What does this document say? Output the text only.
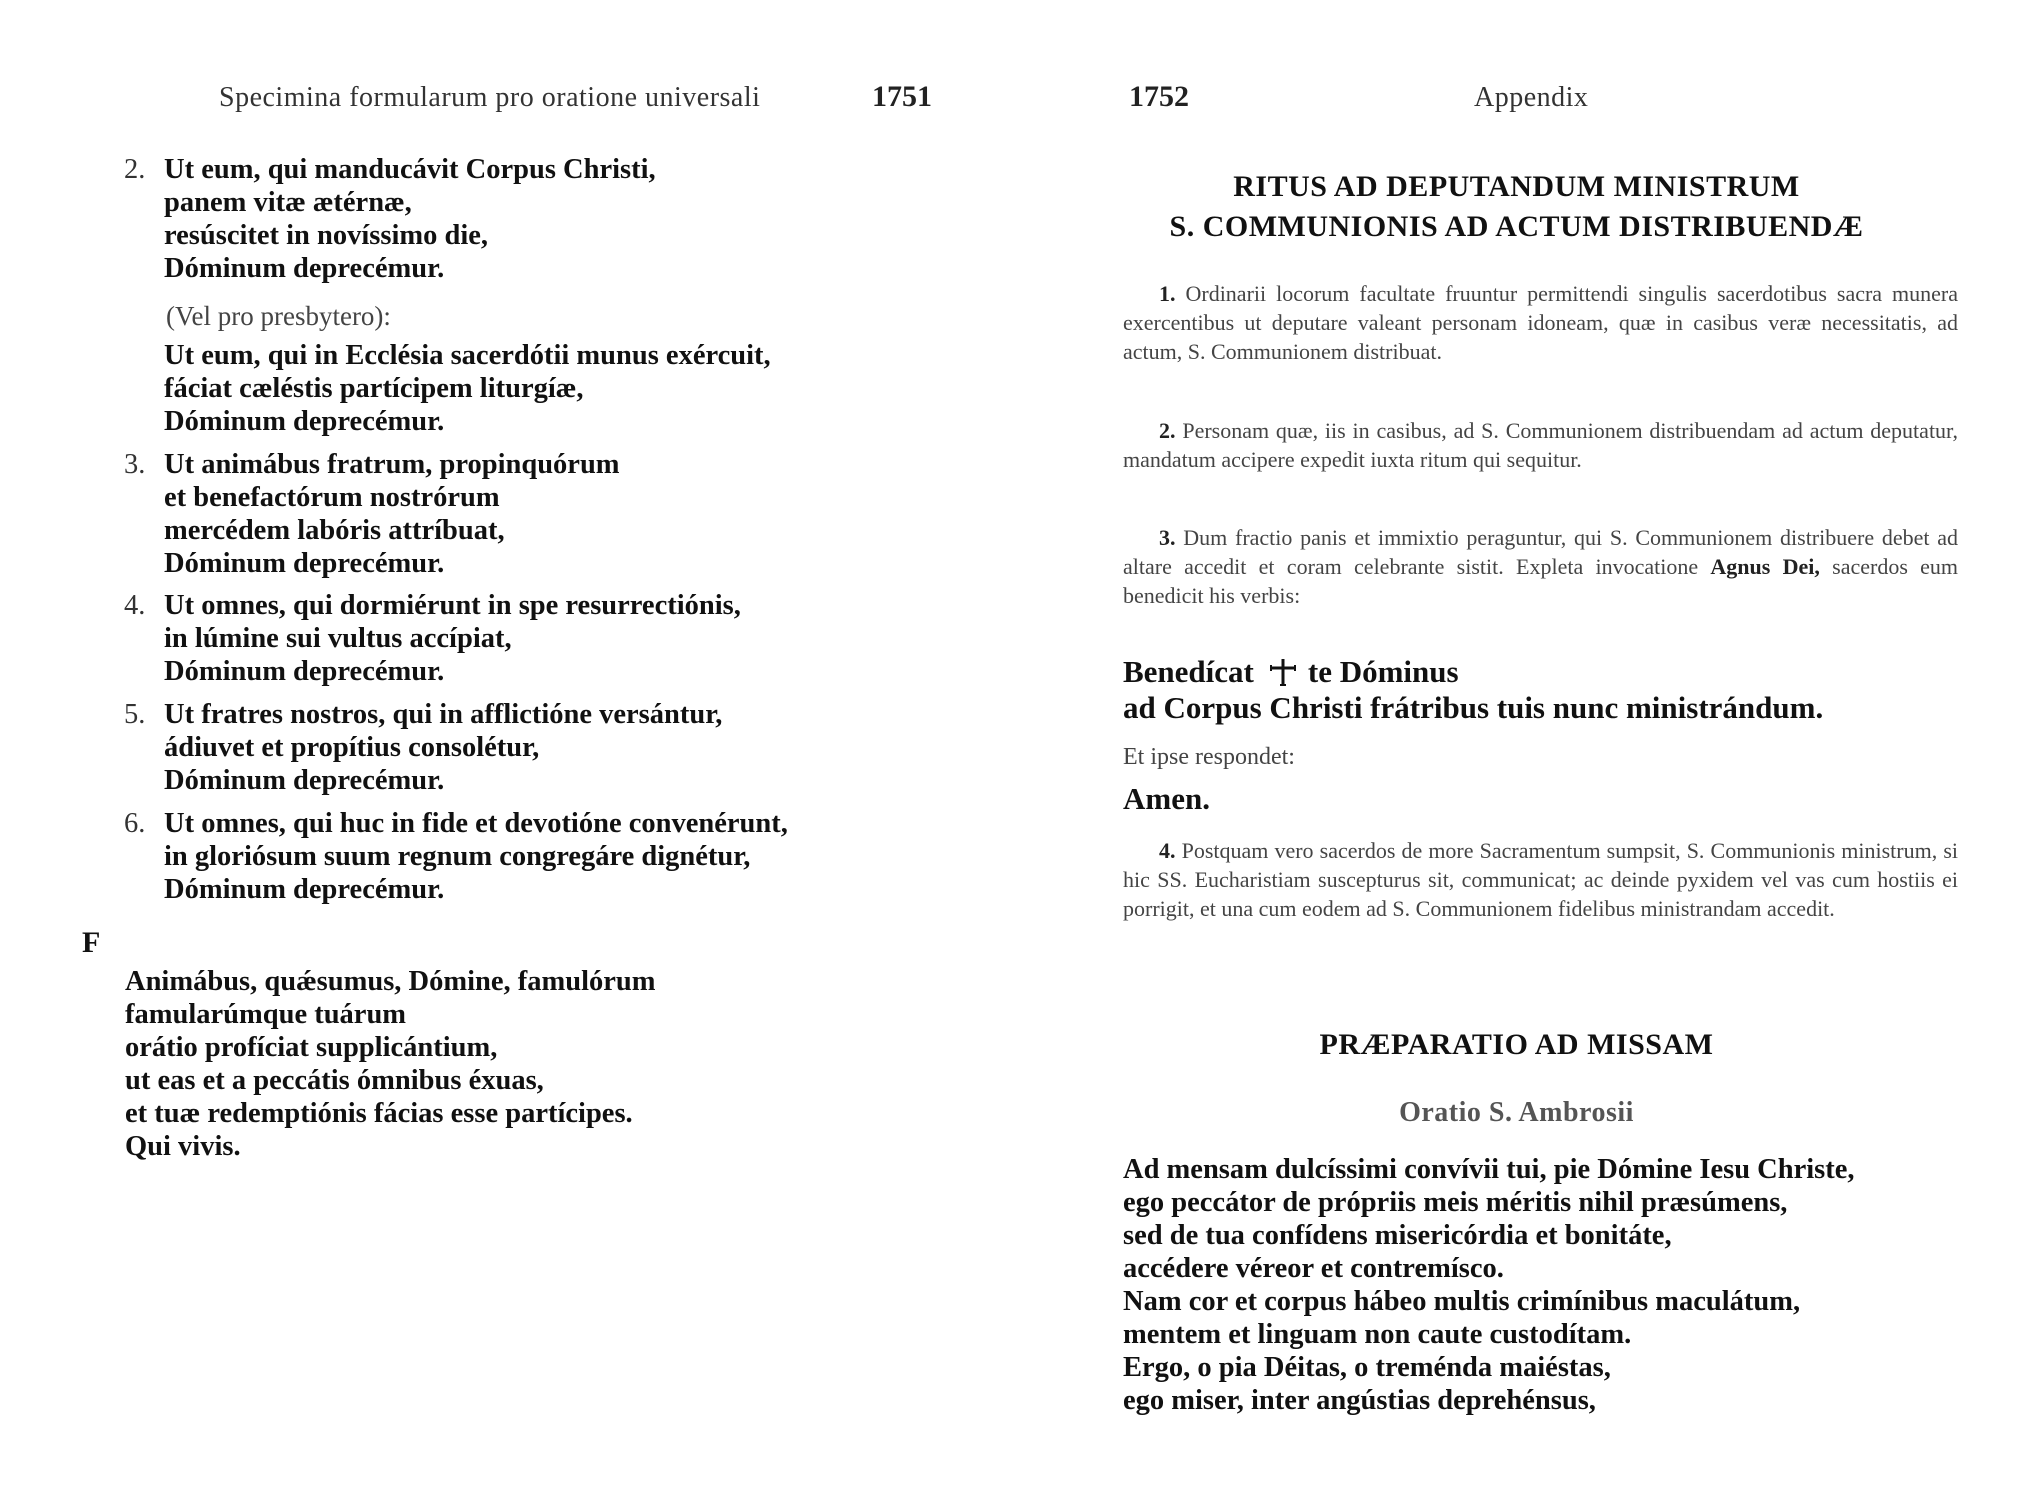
Specimina formularum pro oratione universali	1751
2. Ut eum, qui manducávit Corpus Christi,
panem vitæ ætérnæ,
resúscitet in novíssimo die,
Dóminum deprecémur.
(Vel pro presbytero):
Ut eum, qui in Ecclésia sacerdótii munus exércuit,
fáciat cæléstis partícipem liturgíæ,
Dóminum deprecémur.
3. Ut animábus fratrum, propinquórum
et benefactórum nostrórum
mercédem labóris attríbuat,
Dóminum deprecémur.
4. Ut omnes, qui dormiérunt in spe resurrectiónis,
in lúmine sui vultus accípiat,
Dóminum deprecémur.
5. Ut fratres nostros, qui in afflictióne versántur,
ádiuvet et propítius consolétur,
Dóminum deprecémur.
6. Ut omnes, qui huc in fide et devotióne convenérunt,
in gloriósum suum regnum congregáre dignétur,
Dóminum deprecémur.
F
Animábus, quǽsumus, Dómine, famulórum
famularúmque tuárum
orátio profíciat supplicántium,
ut eas et a peccátis ómnibus éxuas,
et tuæ redemptiónis fácias esse partícipes.
Qui vivis.
1752	Appendix
RITUS AD DEPUTANDUM MINISTRUM
S. COMMUNIONIS AD ACTUM DISTRIBUENDÆ

1. Ordinarii locorum facultate fruuntur permittendi singulis sacerdotibus sacra munera exercentibus ut deputare valeant personam idoneam, quæ in casibus veræ necessitatis, ad actum, S. Communionem distribuat.

2. Personam quæ, iis in casibus, ad S. Communionem distribuendam ad actum deputatur, mandatum accipere expedit iuxta ritum qui sequitur.

3. Dum fractio panis et immixtio peraguntur, qui S. Communionem distribuere debet ad altare accedit et coram celebrante sistit. Expleta invocatione Agnus Dei, sacerdos eum benedicit his verbis:

Benedícat te Dóminus
ad Corpus Christi frátribus tuis nunc ministrándum.
Et ipse respondet:
Amen.

4. Postquam vero sacerdos de more Sacramentum sumpsit, S. Communionis ministrum, si hic SS. Eucharistiam suscepturus sit, communicat; ac deinde pyxidem vel vas cum hostiis ei porrigit, et una cum eodem ad S. Communionem fidelibus ministrandam accedit.

PRÆPARATIO AD MISSAM
Oratio S. Ambrosii
Ad mensam dulcíssimi convívii tui, pie Dómine Iesu Christe,
ego peccátor de própriis meis méritis nihil præsúmens,
sed de tua confídens misericórdia et bonitáte,
accédere véreor et contremísco.
Nam cor et corpus hábeo multis crimínibus maculátum,
mentem et linguam non caute custodítam.
Ergo, o pia Déitas, o treménda maiéstas,
ego miser, inter angústias deprehénsus,
